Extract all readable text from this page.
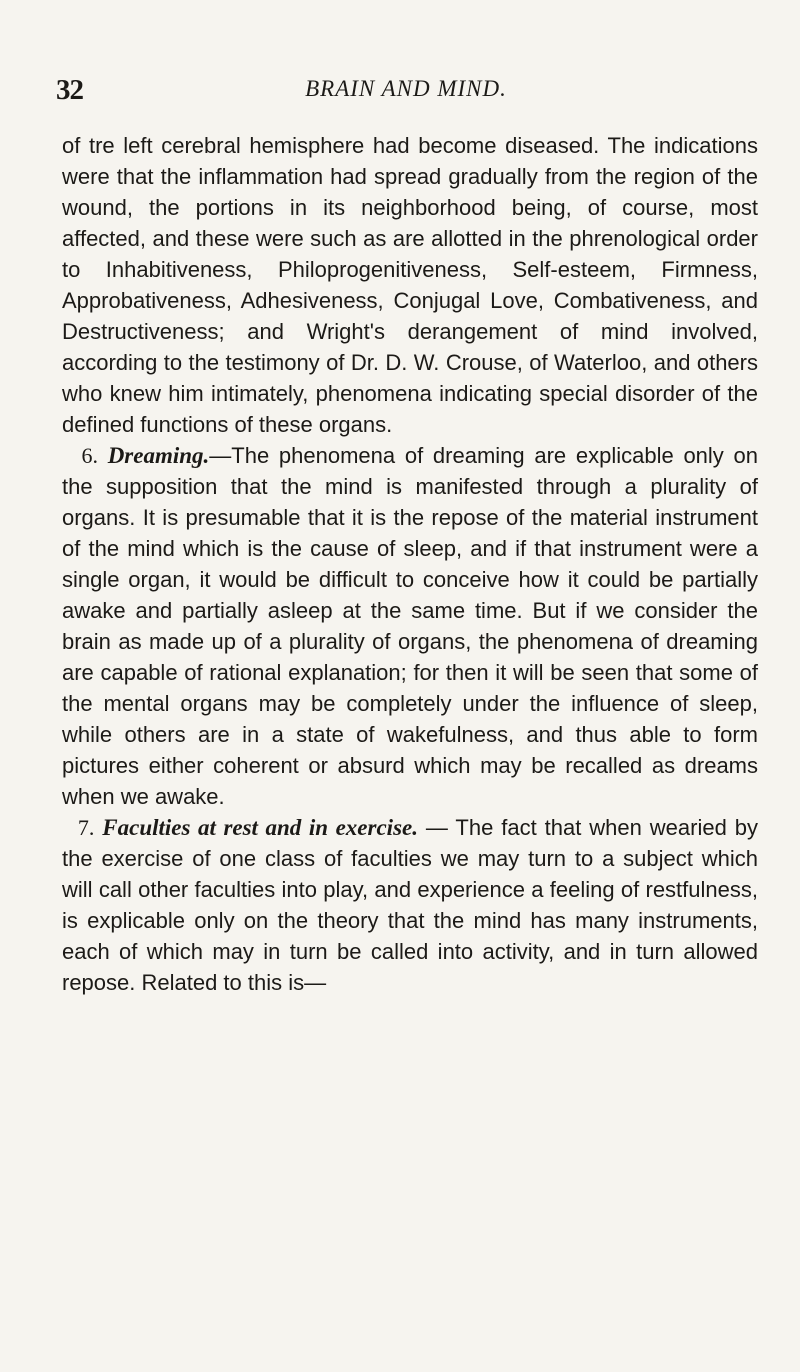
32	BRAIN AND MIND.

of tre left cerebral hemisphere had become diseased. The indications were that the inflammation had spread gradually from the region of the wound, the portions in its neighborhood being, of course, most affected, and these were such as are allotted in the phrenological order to Inhabitiveness, Philoprogenitiveness, Self-esteem, Firmness, Approbativeness, Adhesiveness, Conjugal Love, Combativeness, and Destructiveness; and Wright's derangement of mind involved, according to the testimony of Dr. D. W. Crouse, of Waterloo, and others who knew him intimately, phenomena indicating special disorder of the defined functions of these organs.

6. Dreaming.—The phenomena of dreaming are explicable only on the supposition that the mind is manifested through a plurality of organs. It is presumable that it is the repose of the material instrument of the mind which is the cause of sleep, and if that instrument were a single organ, it would be difficult to conceive how it could be partially awake and partially asleep at the same time. But if we consider the brain as made up of a plurality of organs, the phenomena of dreaming are capable of rational explanation; for then it will be seen that some of the mental organs may be completely under the influence of sleep, while others are in a state of wakefulness, and thus able to form pictures either coherent or absurd which may be recalled as dreams when we awake.

7. Faculties at rest and in exercise. — The fact that when wearied by the exercise of one class of faculties we may turn to a subject which will call other faculties into play, and experience a feeling of restfulness, is explicable only on the theory that the mind has many instruments, each of which may in turn be called into activity, and in turn allowed repose. Related to this is—
